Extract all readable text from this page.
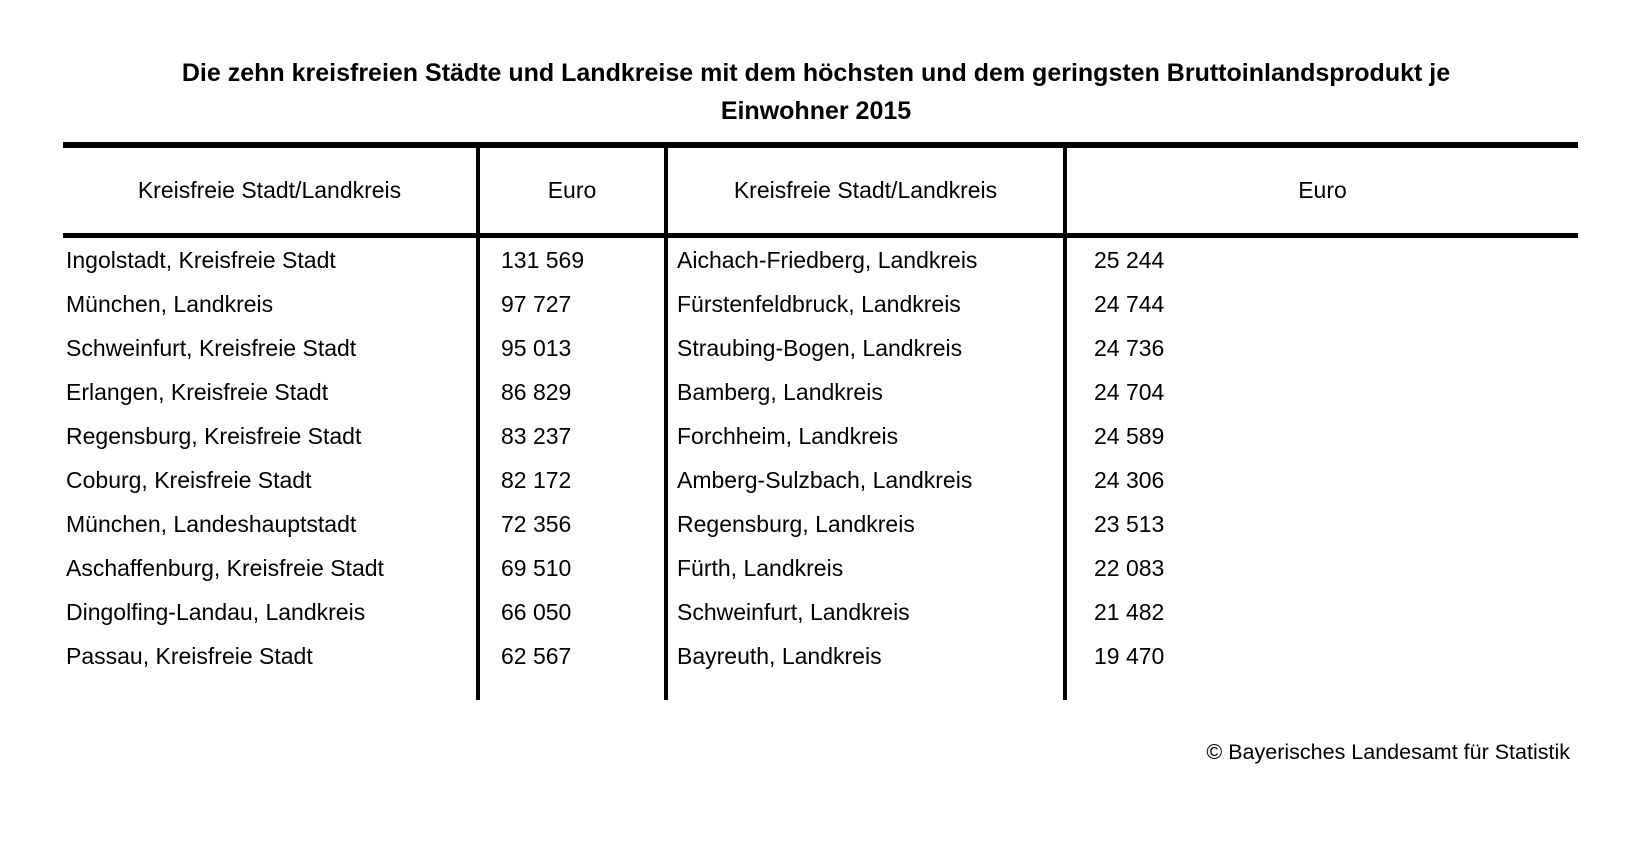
Die zehn kreisfreien Städte und Landkreise mit dem höchsten und dem geringsten Bruttoinlandsprodukt je
Einwohner 2015
Kreisfreie Stadt/Landkreis	Euro	Kreisfreie Stadt/Landkreis	Euro
Ingolstadt, Kreisfreie Stadt	131 569	Aichach-Friedberg, Landkreis	25 244
München, Landkreis	97 727	Fürstenfeldbruck, Landkreis	24 744
Schweinfurt, Kreisfreie Stadt	95 013	Straubing-Bogen, Landkreis	24 736
Erlangen, Kreisfreie Stadt	86 829	Bamberg, Landkreis	24 704
Regensburg, Kreisfreie Stadt	83 237	Forchheim, Landkreis	24 589
Coburg, Kreisfreie Stadt	82 172	Amberg-Sulzbach, Landkreis	24 306
München, Landeshauptstadt	72 356	Regensburg, Landkreis	23 513
Aschaffenburg, Kreisfreie Stadt	69 510	Fürth, Landkreis	22 083
Dingolfing-Landau, Landkreis	66 050	Schweinfurt, Landkreis	21 482
Passau, Kreisfreie Stadt	62 567	Bayreuth, Landkreis	19 470
© Bayerisches Landesamt für Statistik
